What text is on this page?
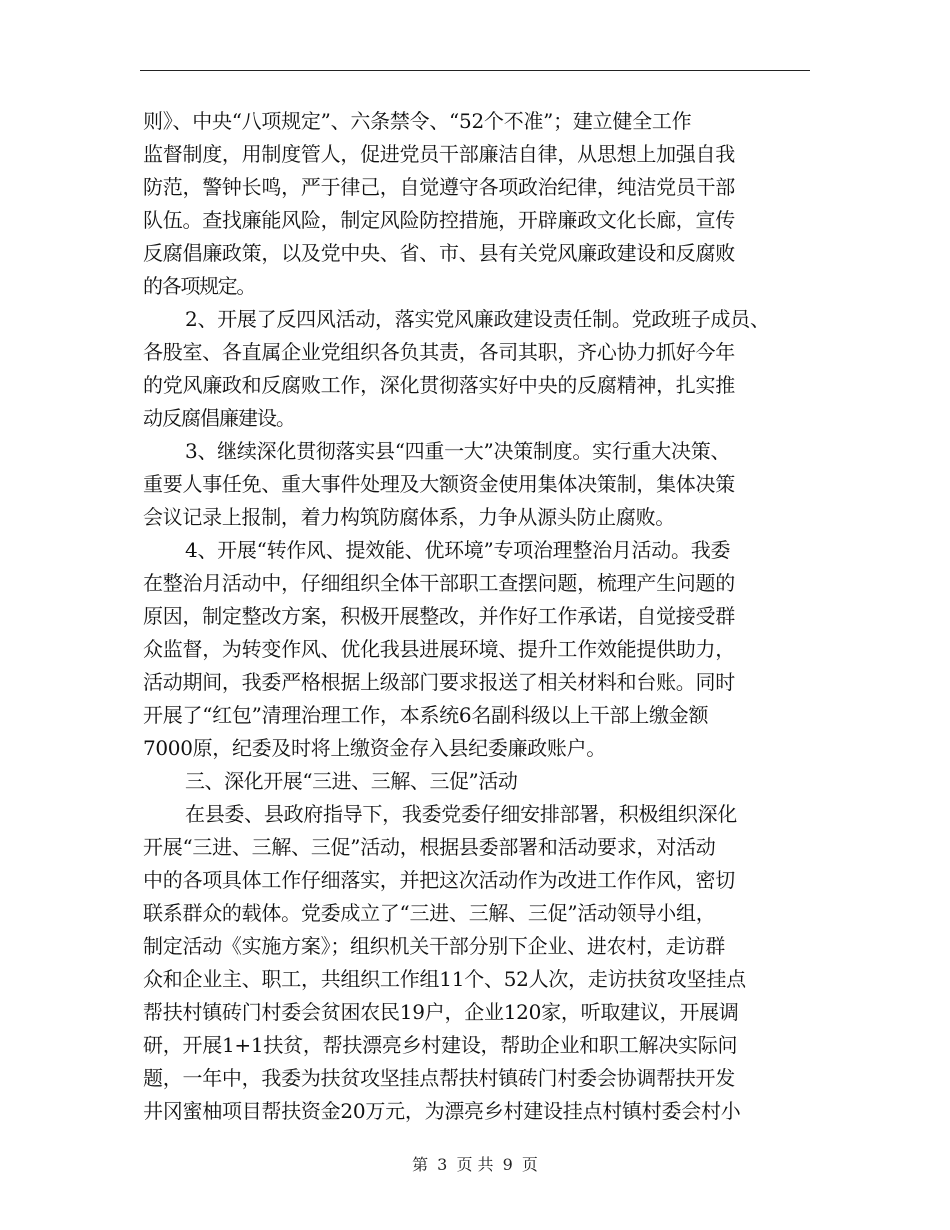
则》、中央“八项规定”、六条禁令、“52个不准”；建立健全工作
监督制度，用制度管人，促进党员干部廉洁自律，从思想上加强自我
防范，警钟长鸣，严于律己，自觉遵守各项政治纪律，纯洁党员干部
队伍。查找廉能风险，制定风险防控措施，开辟廉政文化长廊，宣传
反腐倡廉政策，以及党中央、省、市、县有关党风廉政建设和反腐败
的各项规定。
2、开展了反四风活动，落实党风廉政建设责任制。党政班子成员、
各股室、各直属企业党组织各负其责，各司其职，齐心协力抓好今年
的党风廉政和反腐败工作，深化贯彻落实好中央的反腐精神，扎实推
动反腐倡廉建设。
3、继续深化贯彻落实县“四重一大”决策制度。实行重大决策、
重要人事任免、重大事件处理及大额资金使用集体决策制，集体决策
会议记录上报制，着力构筑防腐体系，力争从源头防止腐败。
4、开展“转作风、提效能、优环境”专项治理整治月活动。我委
在整治月活动中，仔细组织全体干部职工查摆问题，梳理产生问题的
原因，制定整改方案，积极开展整改，并作好工作承诺，自觉接受群
众监督，为转变作风、优化我县进展环境、提升工作效能提供助力，
活动期间，我委严格根据上级部门要求报送了相关材料和台账。同时
开展了“红包”清理治理工作，本系统6名副科级以上干部上缴金额
7000原，纪委及时将上缴资金存入县纪委廉政账户。
三、深化开展“三进、三解、三促”活动
在县委、县政府指导下，我委党委仔细安排部署，积极组织深化
开展“三进、三解、三促”活动，根据县委部署和活动要求，对活动
中的各项具体工作仔细落实，并把这次活动作为改进工作作风，密切
联系群众的载体。党委成立了“三进、三解、三促”活动领导小组，
制定活动《实施方案》；组织机关干部分别下企业、进农村，走访群
众和企业主、职工，共组织工作组11个、52人次，走访扶贫攻坚挂点
帮扶村镇砖门村委会贫困农民19户，企业120家，听取建议，开展调
研，开展1+1扶贫，帮扶漂亮乡村建设，帮助企业和职工解决实际问
题，一年中，我委为扶贫攻坚挂点帮扶村镇砖门村委会协调帮扶开发
井冈蜜柚项目帮扶资金20万元，为漂亮乡村建设挂点村镇村委会村小
第 3 页 共 9 页
